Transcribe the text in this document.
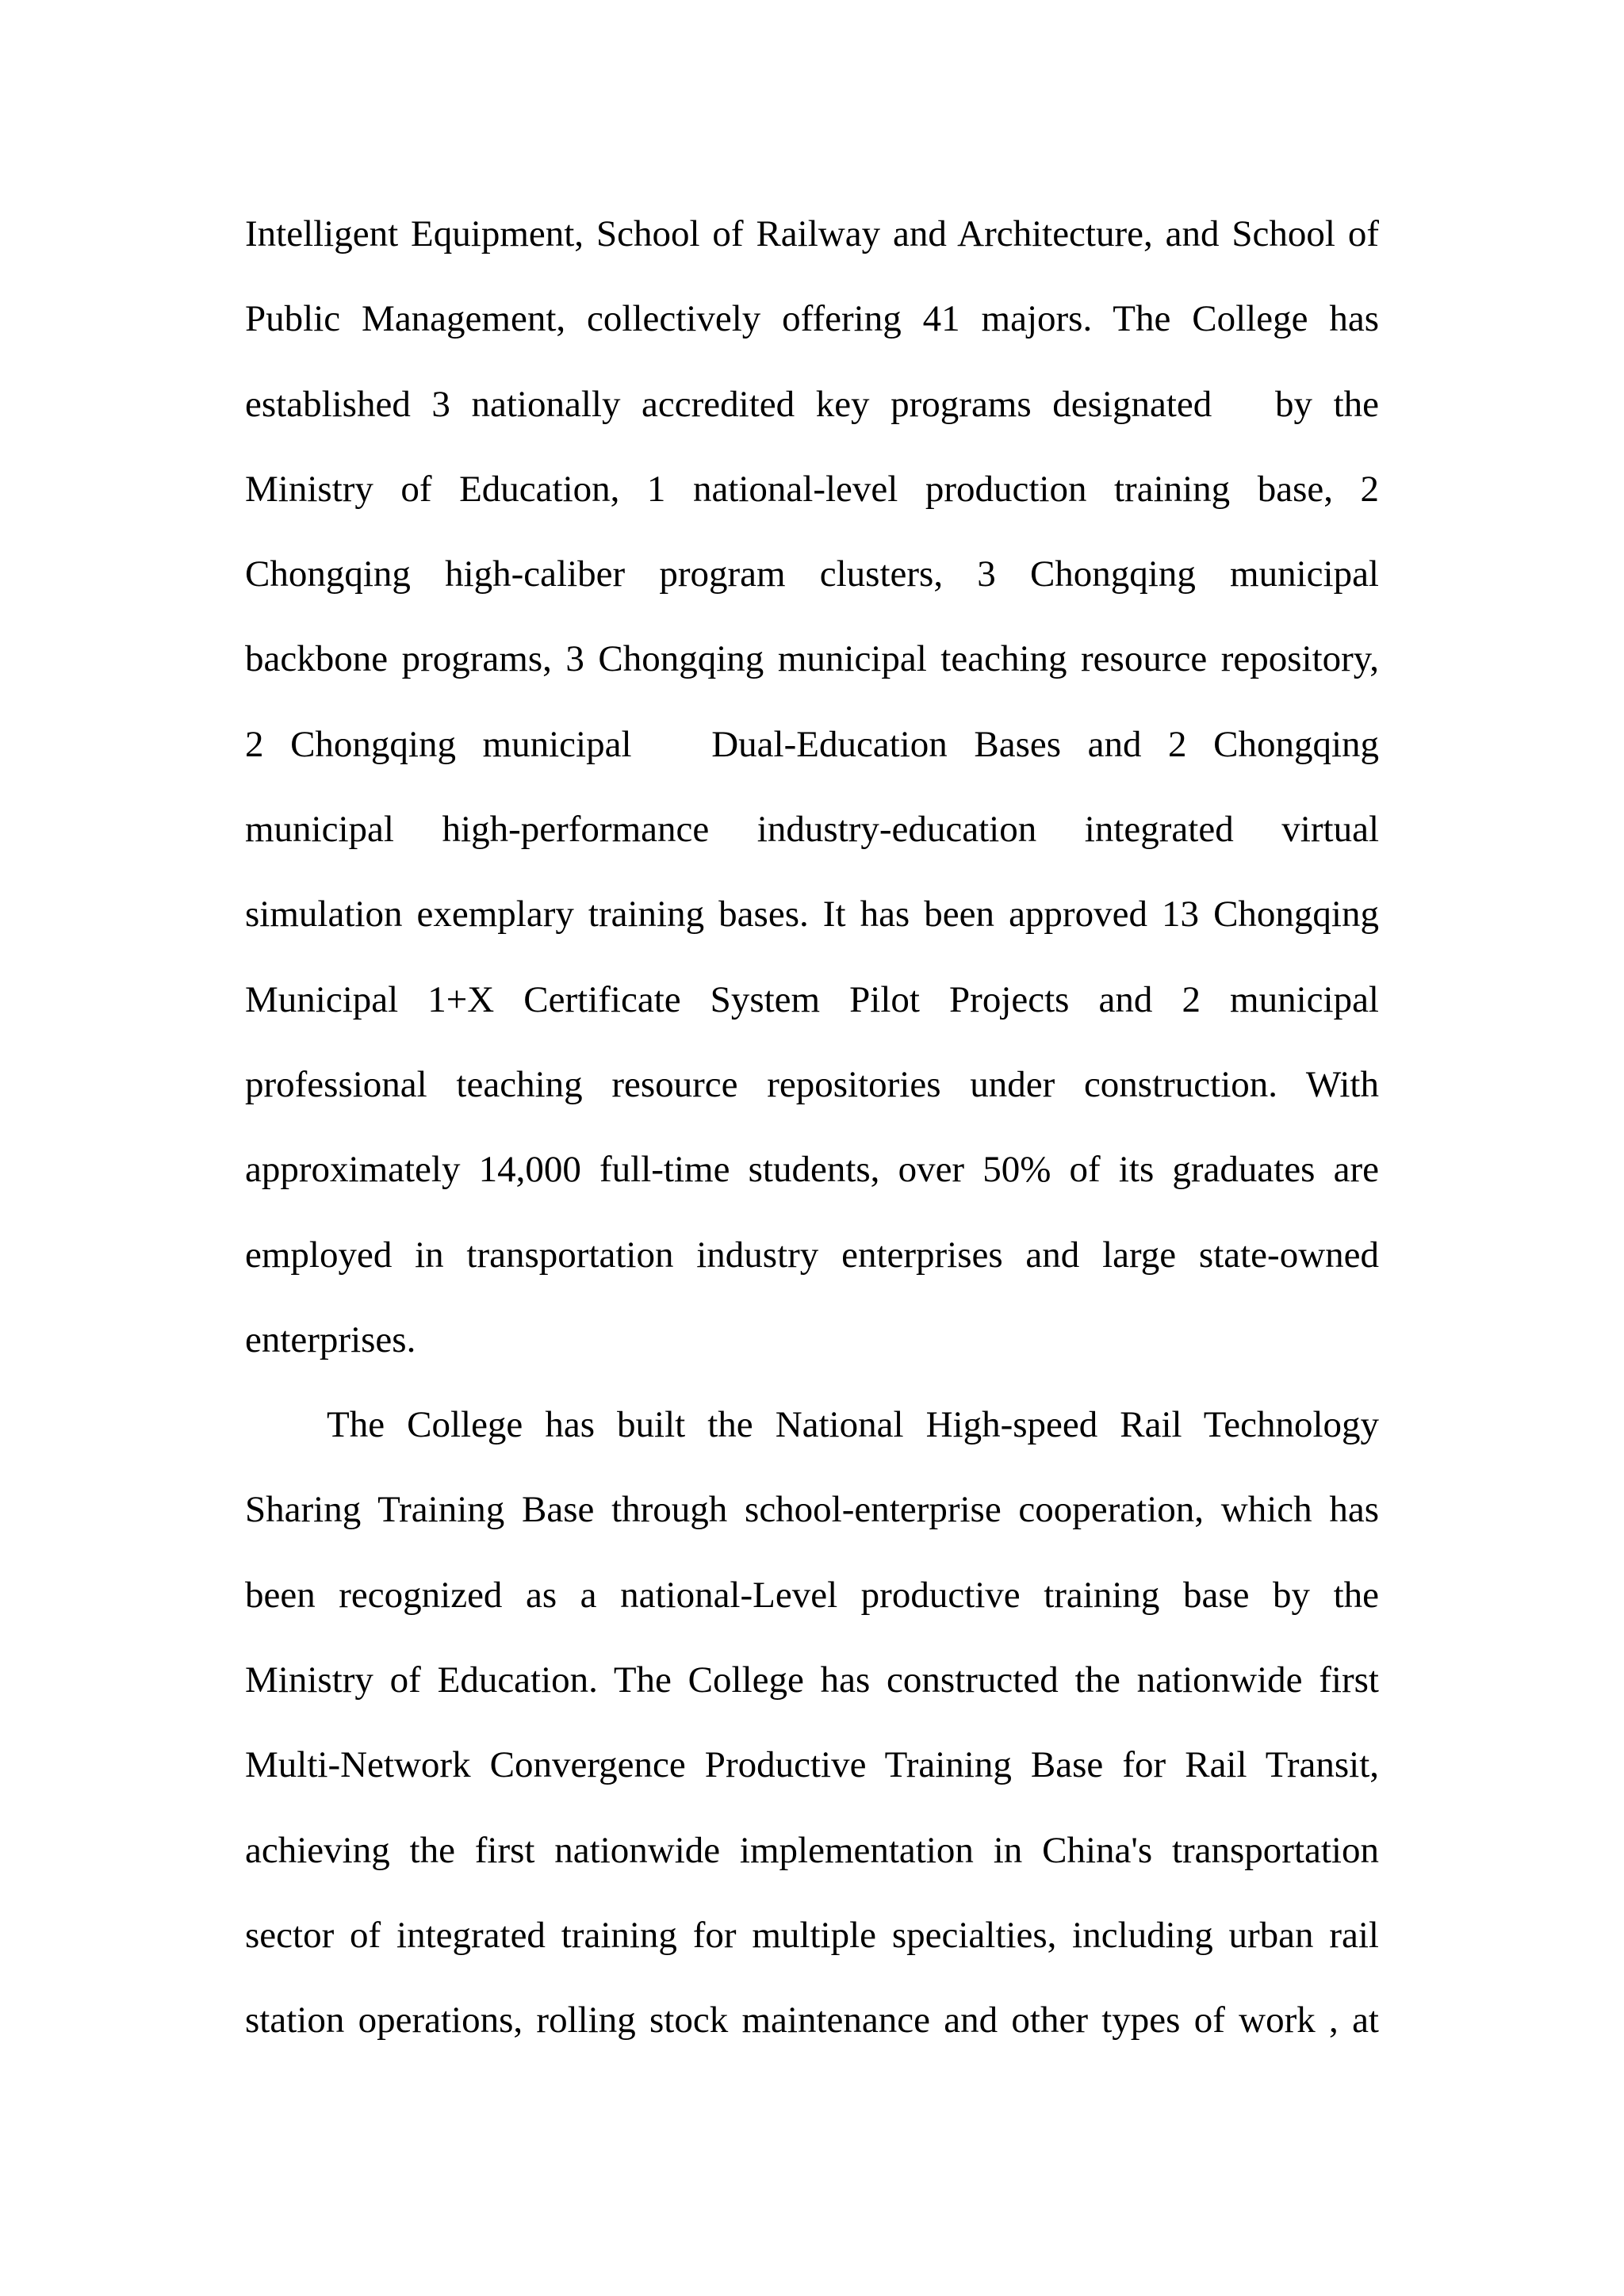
Intelligent Equipment, School of Railway and Architecture, and School of
Public Management, collectively offering 41 majors. The College has
established 3 nationally accredited key programs designated   by the
Ministry of Education, 1 national-level production training base, 2
Chongqing high-caliber program clusters, 3 Chongqing municipal
backbone programs, 3 Chongqing municipal teaching resource repository,
2 Chongqing municipal   Dual-Education Bases and 2 Chongqing
municipal high-performance industry-education integrated virtual
simulation exemplary training bases. It has been approved 13 Chongqing
Municipal 1+X Certificate System Pilot Projects and 2 municipal
professional teaching resource repositories under construction. With
approximately 14,000 full-time students, over 50% of its graduates are
employed in transportation industry enterprises and large state-owned
enterprises.
The College has built the National High-speed Rail Technology
Sharing Training Base through school-enterprise cooperation, which has
been recognized as a national-Level productive training base by the
Ministry of Education. The College has constructed the nationwide first
Multi-Network Convergence Productive Training Base for Rail Transit,
achieving the first nationwide implementation in China's transportation
sector of integrated training for multiple specialties, including urban rail
station operations, rolling stock maintenance and other types of work , at
